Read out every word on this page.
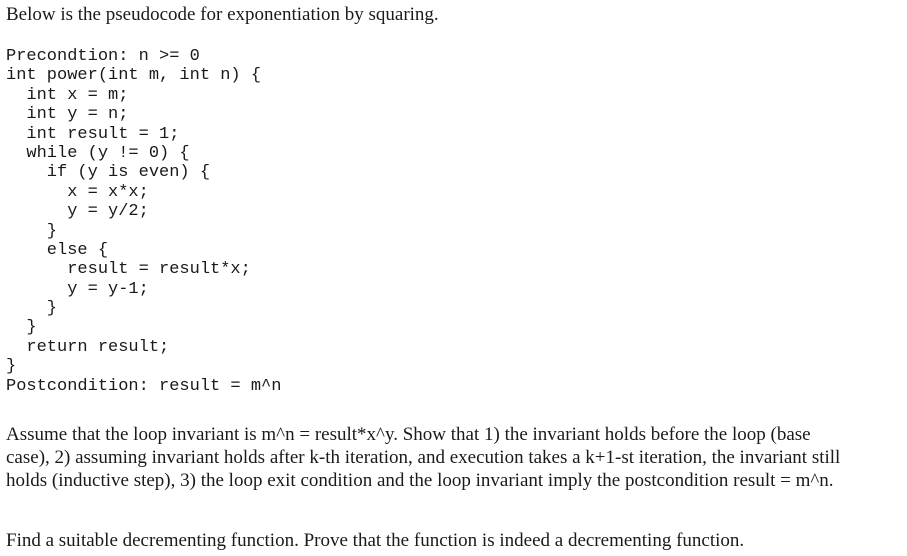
Below is the pseudocode for exponentiation by squaring.
Precondtion: n >= 0
int power(int m, int n) {
int x = m;
int y = n;
int result = 1;
while (y != 0) {
if (y is even) {
x = x*x;
y = y/2;
}
else {
result = result*x;
y = y-1;
}
}
return result;
}
Postcondition: result = m^n
Assume that the loop invariant is m^n = result*x^y. Show that 1) the invariant holds before the loop (base
case), 2) assuming invariant holds after k-th iteration, and execution takes a k+1-st iteration, the invariant still
holds (inductive step), 3) the loop exit condition and the loop invariant imply the postcondition result = m^n.
Find a suitable decrementing function. Prove that the function is indeed a decrementing function.
